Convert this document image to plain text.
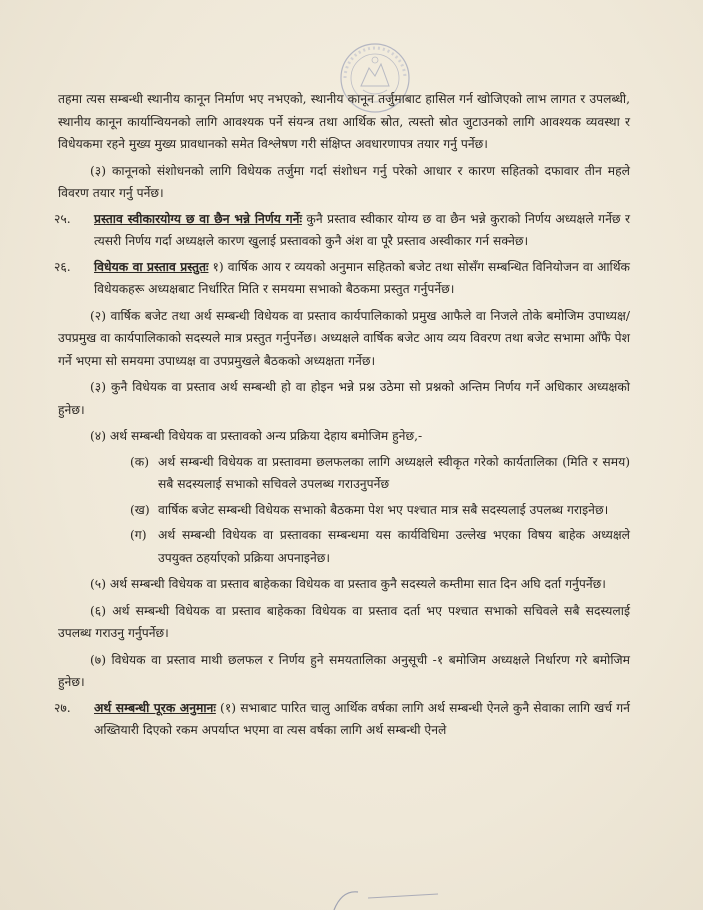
तहमा त्यस सम्बन्धी स्थानीय कानून निर्माण भए नभएको, स्थानीय कानून तर्जुमाबाट हासिल गर्न खोजिएको लाभ लागत र उपलब्धी, स्थानीय कानून कार्यान्वियनको लागि आवश्यक पर्ने संयन्त्र तथा आर्थिक स्रोत, त्यस्तो स्रोत जुटाउनको लागि आवश्यक व्यवस्था र विधेयकमा रहने मुख्य मुख्य प्रावधानको समेत विश्लेषण गरी संक्षिप्त अवधारणापत्र तयार गर्नु पर्नेछ।

(३) कानूनको संशोधनको लागि विधेयक तर्जुमा गर्दा संशोधन गर्नु परेको आधार र कारण सहितको दफावार तीन महले विवरण तयार गर्नु पर्नेछ।

२५. प्रस्ताव स्वीकारयोग्य छ वा छैन भन्ने निर्णय गर्नेः कुनै प्रस्ताव स्वीकार योग्य छ वा छैन भन्ने कुराको निर्णय अध्यक्षले गर्नेछ र त्यसरी निर्णय गर्दा अध्यक्षले कारण खुलाई प्रस्तावको कुनै अंश वा पूरै प्रस्ताव अस्वीकार गर्न सक्नेछ।

२६. विधेयक वा प्रस्ताव प्रस्तुतः १) वार्षिक आय र व्ययको अनुमान सहितको बजेट तथा सोसँग सम्बन्धित विनियोजन वा आर्थिक विधेयकहरू अध्यक्षबाट निर्धारित मिति र समयमा सभाको बैठकमा प्रस्तुत गर्नुपर्नेछ।

(२) वार्षिक बजेट तथा अर्थ सम्बन्धी विधेयक वा प्रस्ताव कार्यपालिकाको प्रमुख आफैले वा निजले तोके बमोजिम उपाध्यक्ष/उपप्रमुख वा कार्यपालिकाको सदस्यले मात्र प्रस्तुत गर्नुपर्नेछ। अध्यक्षले वार्षिक बजेट आय व्यय विवरण तथा बजेट सभामा आँफै पेश गर्ने भएमा सो समयमा उपाध्यक्ष वा उपप्रमुखले बैठकको अध्यक्षता गर्नेछ।

(३) कुनै विधेयक वा प्रस्ताव अर्थ सम्बन्धी हो वा होइन भन्ने प्रश्न उठेमा सो प्रश्नको अन्तिम निर्णय गर्ने अधिकार अध्यक्षको हुनेछ।

(४) अर्थ सम्बन्धी विधेयक वा प्रस्तावको अन्य प्रक्रिया देहाय बमोजिम हुनेछ,-

(क) अर्थ सम्बन्धी विधेयक वा प्रस्तावमा छलफलका लागि अध्यक्षले स्वीकृत गरेको कार्यतालिका (मिति र समय) सबै सदस्यलाई सभाको सचिवले उपलब्ध गराउनुपर्नेछ

(ख) वार्षिक बजेट सम्बन्धी विधेयक सभाको बैठकमा पेश भए पश्चात मात्र सबै सदस्यलाई उपलब्ध गराइनेछ।

(ग) अर्थ सम्बन्धी विधेयक वा प्रस्तावका सम्बन्धमा यस कार्यविधिमा उल्लेख भएका विषय बाहेक अध्यक्षले उपयुक्त ठहर्याएको प्रक्रिया अपनाइनेछ।

(५) अर्थ सम्बन्धी विधेयक वा प्रस्ताव बाहेकका विधेयक वा प्रस्ताव कुनै सदस्यले कम्तीमा सात दिन अघि दर्ता गर्नुपर्नेछ।

(६) अर्थ सम्बन्धी विधेयक वा प्रस्ताव बाहेकका विधेयक वा प्रस्ताव दर्ता भए पश्चात सभाको सचिवले सबै सदस्यलाई उपलब्ध गराउनु गर्नुपर्नेछ।

(७) विधेयक वा प्रस्ताव माथी छलफल र निर्णय हुने समयतालिका अनुसूची -१ बमोजिम अध्यक्षले निर्धारण गरे बमोजिम हुनेछ।

२७. अर्थ सम्बन्धी पूरक अनुमानः (१) सभाबाट पारित चालु आर्थिक वर्षका लागि अर्थ सम्बन्धी ऐनले कुनै सेवाका लागि खर्च गर्न अख्तियारी दिएको रकम अपर्याप्त भएमा वा त्यस वर्षका लागि अर्थ सम्बन्धी ऐनले
